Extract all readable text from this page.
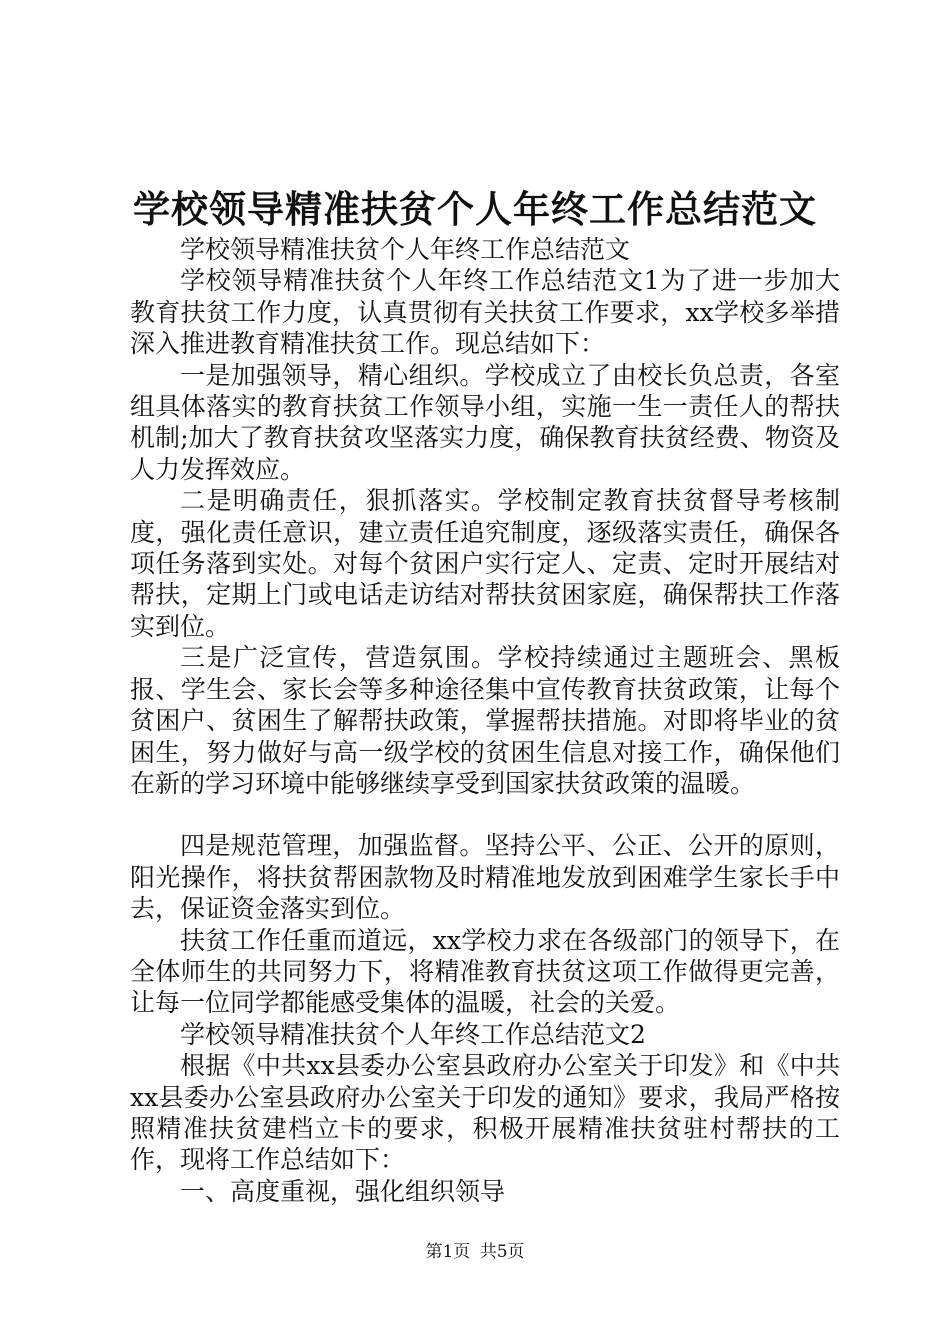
学校领导精准扶贫个人年终工作总结范文

学校领导精准扶贫个人年终工作总结范文

学校领导精准扶贫个人年终工作总结范文1为了进一步加大教育扶贫工作力度，认真贯彻有关扶贫工作要求，xx学校多举措深入推进教育精准扶贫工作。现总结如下：

一是加强领导，精心组织。学校成立了由校长负总责，各室组具体落实的教育扶贫工作领导小组，实施一生一责任人的帮扶机制;加大了教育扶贫攻坚落实力度，确保教育扶贫经费、物资及人力发挥效应。

二是明确责任，狠抓落实。学校制定教育扶贫督导考核制度，强化责任意识，建立责任追究制度，逐级落实责任，确保各项任务落到实处。对每个贫困户实行定人、定责、定时开展结对帮扶，定期上门或电话走访结对帮扶贫困家庭，确保帮扶工作落实到位。

三是广泛宣传，营造氛围。学校持续通过主题班会、黑板报、学生会、家长会等多种途径集中宣传教育扶贫政策，让每个贫困户、贫困生了解帮扶政策，掌握帮扶措施。对即将毕业的贫困生，努力做好与高一级学校的贫困生信息对接工作，确保他们在新的学习环境中能够继续享受到国家扶贫政策的温暖。

四是规范管理，加强监督。坚持公平、公正、公开的原则，阳光操作，将扶贫帮困款物及时精准地发放到困难学生家长手中去，保证资金落实到位。

扶贫工作任重而道远，xx学校力求在各级部门的领导下，在全体师生的共同努力下，将精准教育扶贫这项工作做得更完善，让每一位同学都能感受集体的温暖，社会的关爱。

学校领导精准扶贫个人年终工作总结范文2

根据《中共xx县委办公室县政府办公室关于印发》和《中共xx县委办公室县政府办公室关于印发的通知》要求，我局严格按照精准扶贫建档立卡的要求，积极开展精准扶贫驻村帮扶的工作，现将工作总结如下：

一、高度重视，强化组织领导

第1页 共5页
